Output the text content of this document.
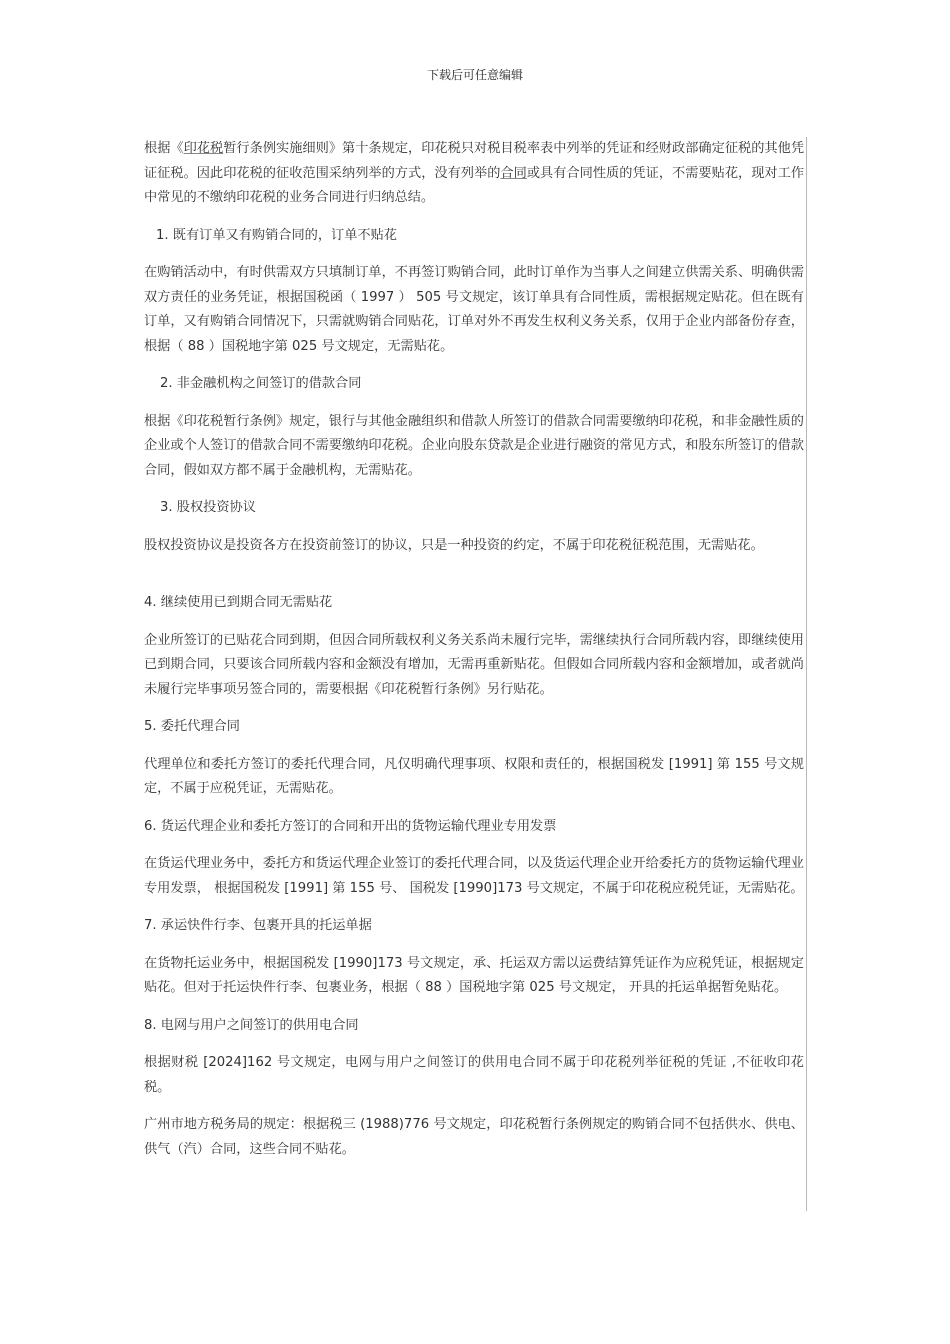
下载后可任意编辑

根据《印花税暂行条例实施细则》第十条规定，印花税只对税目税率表中列举的凭证和经财政部确定征税的其他凭证征税。因此印花税的征收范围采纳列举的方式，没有列举的合同或具有合同性质的凭证，不需要贴花，现对工作中常见的不缴纳印花税的业务合同进行归纳总结。

1. 既有订单又有购销合同的，订单不贴花

在购销活动中，有时供需双方只填制订单，不再签订购销合同，此时订单作为当事人之间建立供需关系、明确供需双方责任的业务凭证，根据国税函（ 1997 ） 505 号文规定，该订单具有合同性质，需根据规定贴花。但在既有订单，又有购销合同情况下，只需就购销合同贴花，订单对外不再发生权利义务关系，仅用于企业内部备份存查，根据（ 88 ）国税地字第 025 号文规定，无需贴花。

2. 非金融机构之间签订的借款合同

根据《印花税暂行条例》规定，银行与其他金融组织和借款人所签订的借款合同需要缴纳印花税，和非金融性质的企业或个人签订的借款合同不需要缴纳印花税。企业向股东贷款是企业进行融资的常见方式，和股东所签订的借款合同，假如双方都不属于金融机构，无需贴花。

3. 股权投资协议

股权投资协议是投资各方在投资前签订的协议，只是一种投资的约定，不属于印花税征税范围，无需贴花。

4. 继续使用已到期合同无需贴花

企业所签订的已贴花合同到期，但因合同所载权利义务关系尚未履行完毕，需继续执行合同所载内容，即继续使用已到期合同，只要该合同所载内容和金额没有增加，无需再重新贴花。但假如合同所载内容和金额增加，或者就尚未履行完毕事项另签合同的，需要根据《印花税暂行条例》另行贴花。

5. 委托代理合同

代理单位和委托方签订的委托代理合同，凡仅明确代理事项、权限和责任的，根据国税发 [1991] 第 155 号文规定，不属于应税凭证，无需贴花。

6. 货运代理企业和委托方签订的合同和开出的货物运输代理业专用发票

在货运代理业务中，委托方和货运代理企业签订的委托代理合同，以及货运代理企业开给委托方的货物运输代理业专用发票， 根据国税发 [1991] 第 155 号、 国税发 [1990]173 号文规定，不属于印花税应税凭证，无需贴花。

7. 承运快件行李、包裹开具的托运单据

在货物托运业务中，根据国税发 [1990]173 号文规定，承、托运双方需以运费结算凭证作为应税凭证，根据规定贴花。但对于托运快件行李、包裹业务，根据（ 88 ）国税地字第 025 号文规定， 开具的托运单据暂免贴花。

8. 电网与用户之间签订的供用电合同

根据财税 [2024]162 号文规定，电网与用户之间签订的供用电合同不属于印花税列举征税的凭证 ,不征收印花税。

广州市地方税务局的规定：根据税三 (1988)776 号文规定，印花税暂行条例规定的购销合同不包括供水、供电、供气（汽）合同，这些合同不贴花。
